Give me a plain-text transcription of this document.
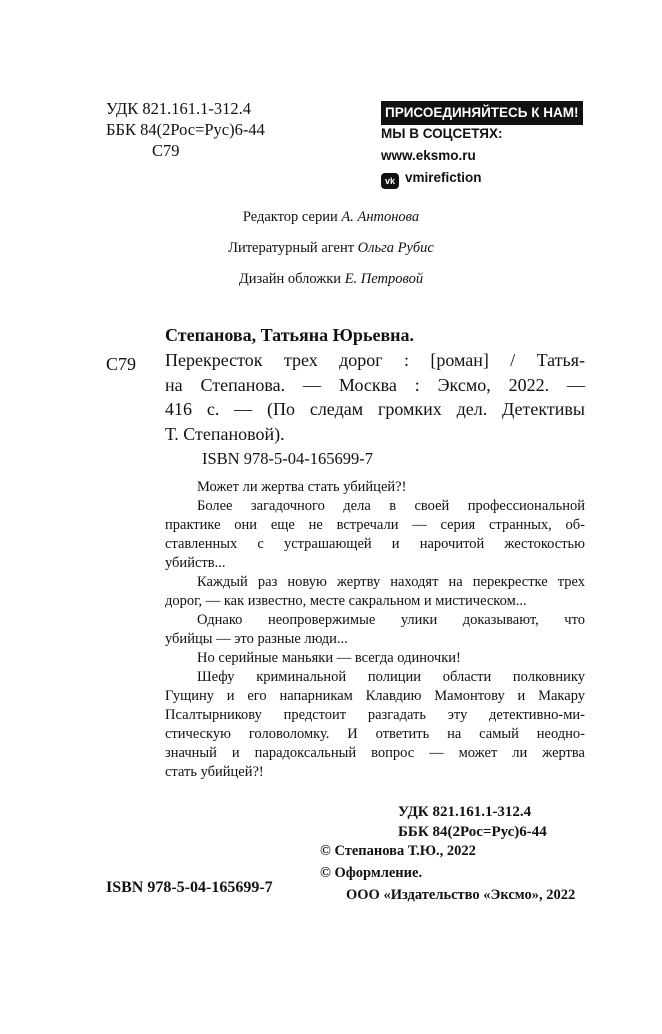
УДК 821.161.1-312.4
ББК 84(2Рос=Рус)6-44
С79
ПРИСОЕДИНЯЙТЕСЬ К НАМ!
МЫ В СОЦСЕТЯХ:
www.eksmo.ru
vk vmirefiction
Редактор серии А. Антонова
Литературный агент Ольга Рубис
Дизайн обложки Е. Петровой
Степанова, Татьяна Юрьевна.
С79 Перекресток трех дорог : [роман] / Татья-
на Степанова. — Москва : Эксмо, 2022. —
416 с. — (По следам громких дел. Детективы
Т. Степановой).
ISBN 978-5-04-165699-7
Может ли жертва стать убийцей?!
Более загадочного дела в своей профессиональной
практике они еще не встречали — серия странных, об-
ставленных с устрашающей и нарочитой жестокостью
убийств...
Каждый раз новую жертву находят на перекрестке трех
дорог, — как известно, месте сакральном и мистическом...
Однако неопровержимые улики доказывают, что
убийцы — это разные люди...
Но серийные маньяки — всегда одиночки!
Шефу криминальной полиции области полковнику
Гущину и его напарникам Клавдию Мамонтову и Макару
Псалтырникову предстоит разгадать эту детективно-ми-
стическую головоломку. И ответить на самый неодно-
значный и парадоксальный вопрос — может ли жертва
стать убийцей?!
УДК 821.161.1-312.4
ББК 84(2Рос=Рус)6-44
© Степанова Т.Ю., 2022
© Оформление.
ООО «Издательство «Эксмо», 2022
ISBN 978-5-04-165699-7
